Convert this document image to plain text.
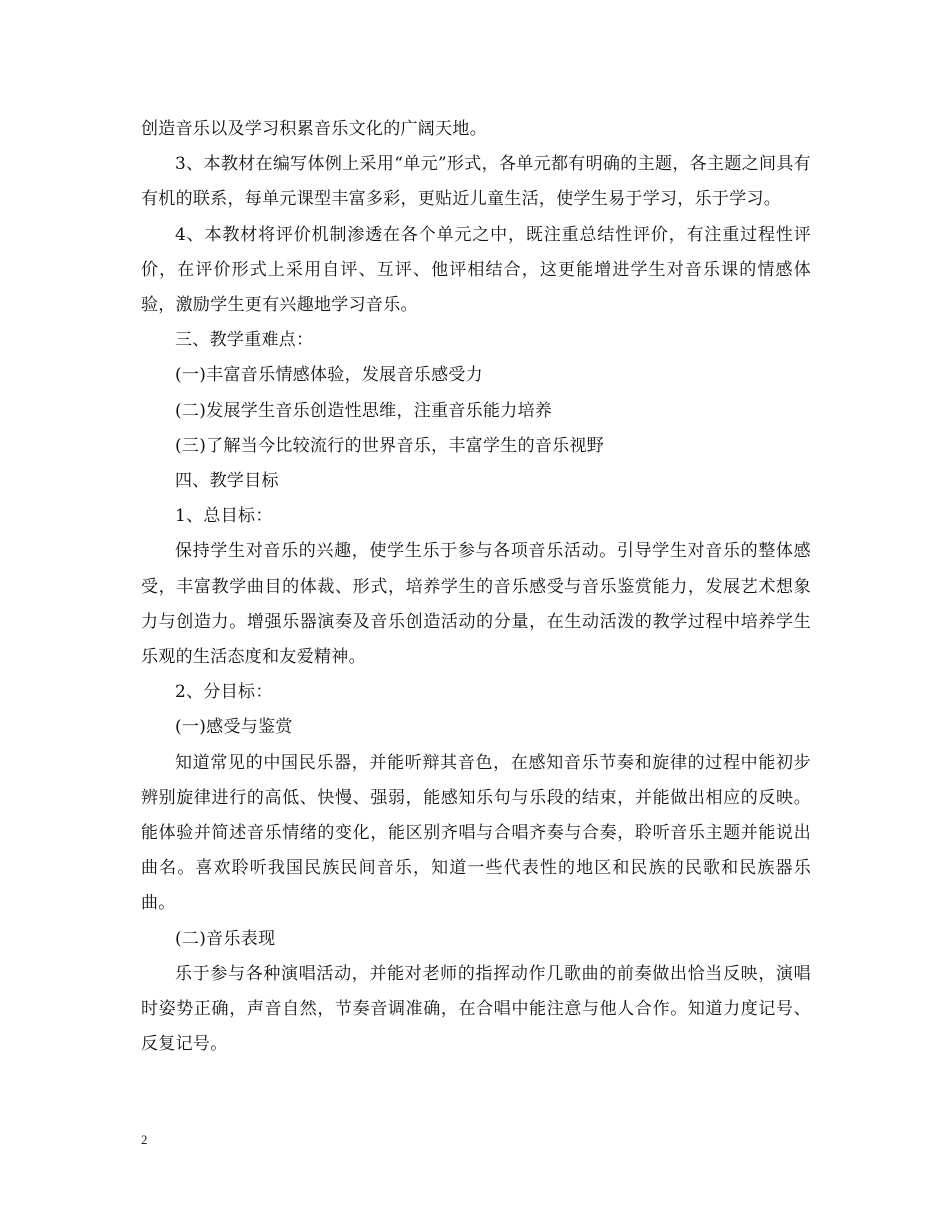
创造音乐以及学习积累音乐文化的广阔天地。

3、本教材在编写体例上采用“单元”形式，各单元都有明确的主题，各主题之间具有有机的联系，每单元课型丰富多彩，更贴近儿童生活，使学生易于学习，乐于学习。

4、本教材将评价机制渗透在各个单元之中，既注重总结性评价，有注重过程性评价，在评价形式上采用自评、互评、他评相结合，这更能增进学生对音乐课的情感体验，激励学生更有兴趣地学习音乐。

三、教学重难点：

(一)丰富音乐情感体验，发展音乐感受力

(二)发展学生音乐创造性思维，注重音乐能力培养

(三)了解当今比较流行的世界音乐，丰富学生的音乐视野

四、教学目标

1、总目标：

保持学生对音乐的兴趣，使学生乐于参与各项音乐活动。引导学生对音乐的整体感受，丰富教学曲目的体裁、形式，培养学生的音乐感受与音乐鉴赏能力，发展艺术想象力与创造力。增强乐器演奏及音乐创造活动的分量，在生动活泼的教学过程中培养学生乐观的生活态度和友爱精神。

2、分目标：

(一)感受与鉴赏

知道常见的中国民乐器，并能听辩其音色，在感知音乐节奏和旋律的过程中能初步辨别旋律进行的高低、快慢、强弱，能感知乐句与乐段的结束，并能做出相应的反映。能体验并简述音乐情绪的变化，能区别齐唱与合唱齐奏与合奏，聆听音乐主题并能说出曲名。喜欢聆听我国民族民间音乐，知道一些代表性的地区和民族的民歌和民族器乐曲。

(二)音乐表现

乐于参与各种演唱活动，并能对老师的指挥动作几歌曲的前奏做出恰当反映，演唱时姿势正确，声音自然，节奏音调准确，在合唱中能注意与他人合作。知道力度记号、反复记号。

2
